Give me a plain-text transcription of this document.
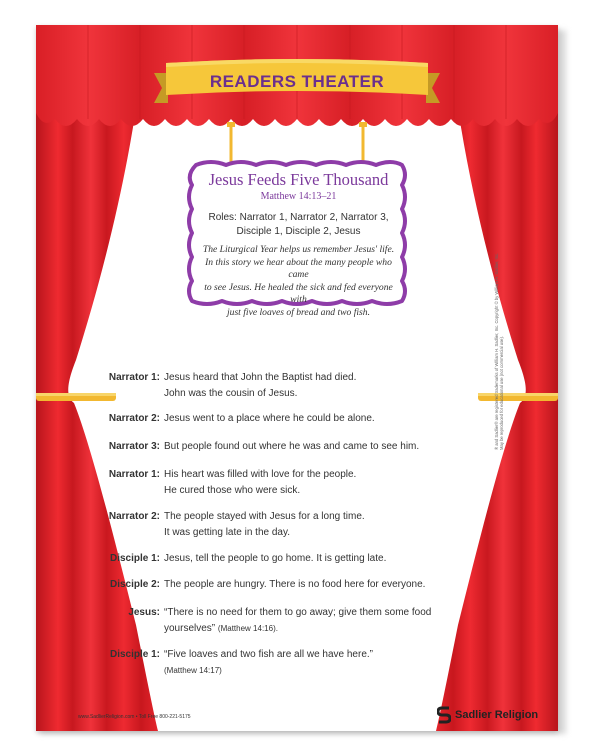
READERS THEATER
Jesus Feeds Five Thousand
Matthew 14:13–21
Roles: Narrator 1, Narrator 2, Narrator 3,
Disciple 1, Disciple 2, Jesus
The Liturgical Year helps us remember Jesus' life.
In this story we hear about the many people who came
to see Jesus. He healed the sick and fed everyone with
just five loaves of bread and two fish.
Narrator 1: Jesus heard that John the Baptist had died.
John was the cousin of Jesus.
Narrator 2: Jesus went to a place where he could be alone.
Narrator 3: But people found out where he was and came to see him.
Narrator 1: His heart was filled with love for the people.
He cured those who were sick.
Narrator 2: The people stayed with Jesus for a long time.
It was getting late in the day.
Disciple 1: Jesus, tell the people to go home. It is getting late.
Disciple 2: The people are hungry. There is no food here for everyone.
Jesus: “There is no need for them to go away; give them some food
yourselves” (Matthew 14:16).
Disciple 1: “Five loaves and two fish are all we have here.”
(Matthew 14:17)
www.SadlierReligion.com • Toll Free 800-221-5175	Sadlier Religion
® and Sadlier® are registered trademarks of William H. Sadlier, Inc. Copyright © by William H. Sadlier, Inc. May be reproduced for educational use (not commercial use).
